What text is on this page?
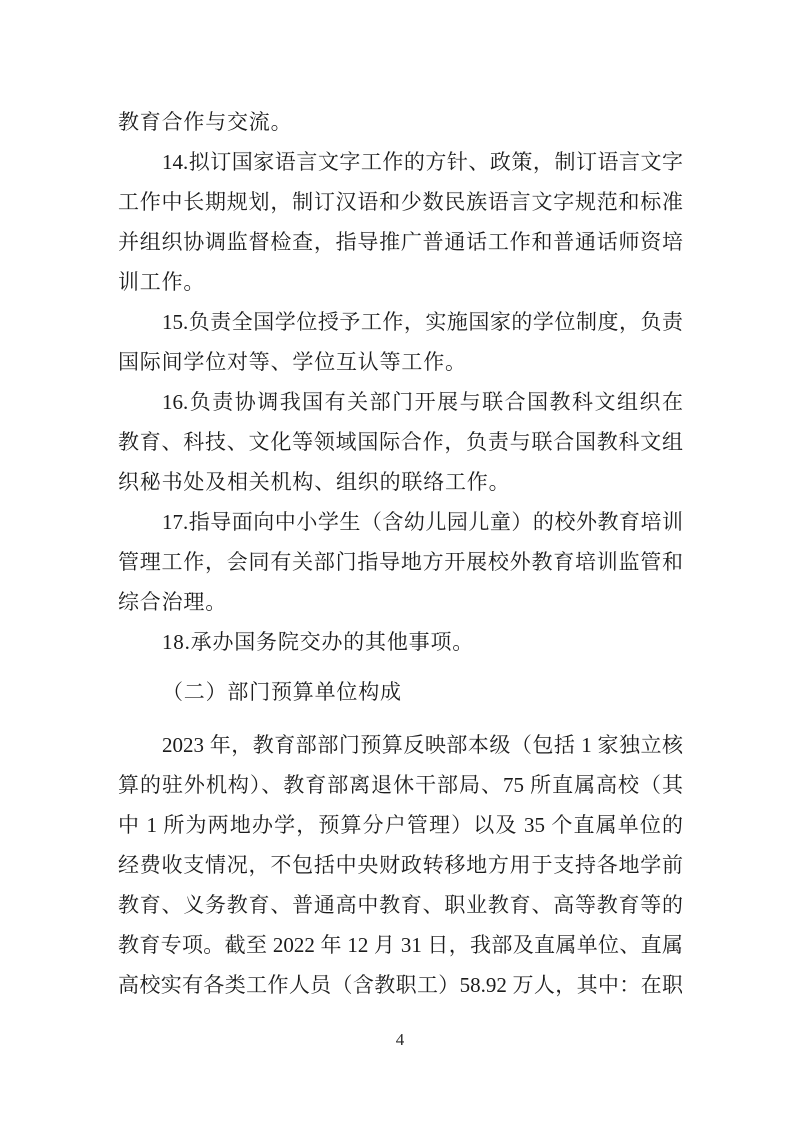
教育合作与交流。
14.拟订国家语言文字工作的方针、政策，制订语言文字
工作中长期规划，制订汉语和少数民族语言文字规范和标准
并组织协调监督检查，指导推广普通话工作和普通话师资培
训工作。
15.负责全国学位授予工作，实施国家的学位制度，负责
国际间学位对等、学位互认等工作。
16.负责协调我国有关部门开展与联合国教科文组织在
教育、科技、文化等领域国际合作，负责与联合国教科文组
织秘书处及相关机构、组织的联络工作。
17.指导面向中小学生（含幼儿园儿童）的校外教育培训
管理工作，会同有关部门指导地方开展校外教育培训监管和
综合治理。
18.承办国务院交办的其他事项。
（二）部门预算单位构成
2023 年，教育部部门预算反映部本级（包括 1 家独立核
算的驻外机构）、教育部离退休干部局、75 所直属高校（其
中 1 所为两地办学，预算分户管理）以及 35 个直属单位的
经费收支情况，不包括中央财政转移地方用于支持各地学前
教育、义务教育、普通高中教育、职业教育、高等教育等的
教育专项。截至 2022 年 12 月 31 日，我部及直属单位、直属
高校实有各类工作人员（含教职工）58.92 万人，其中：在职
4
